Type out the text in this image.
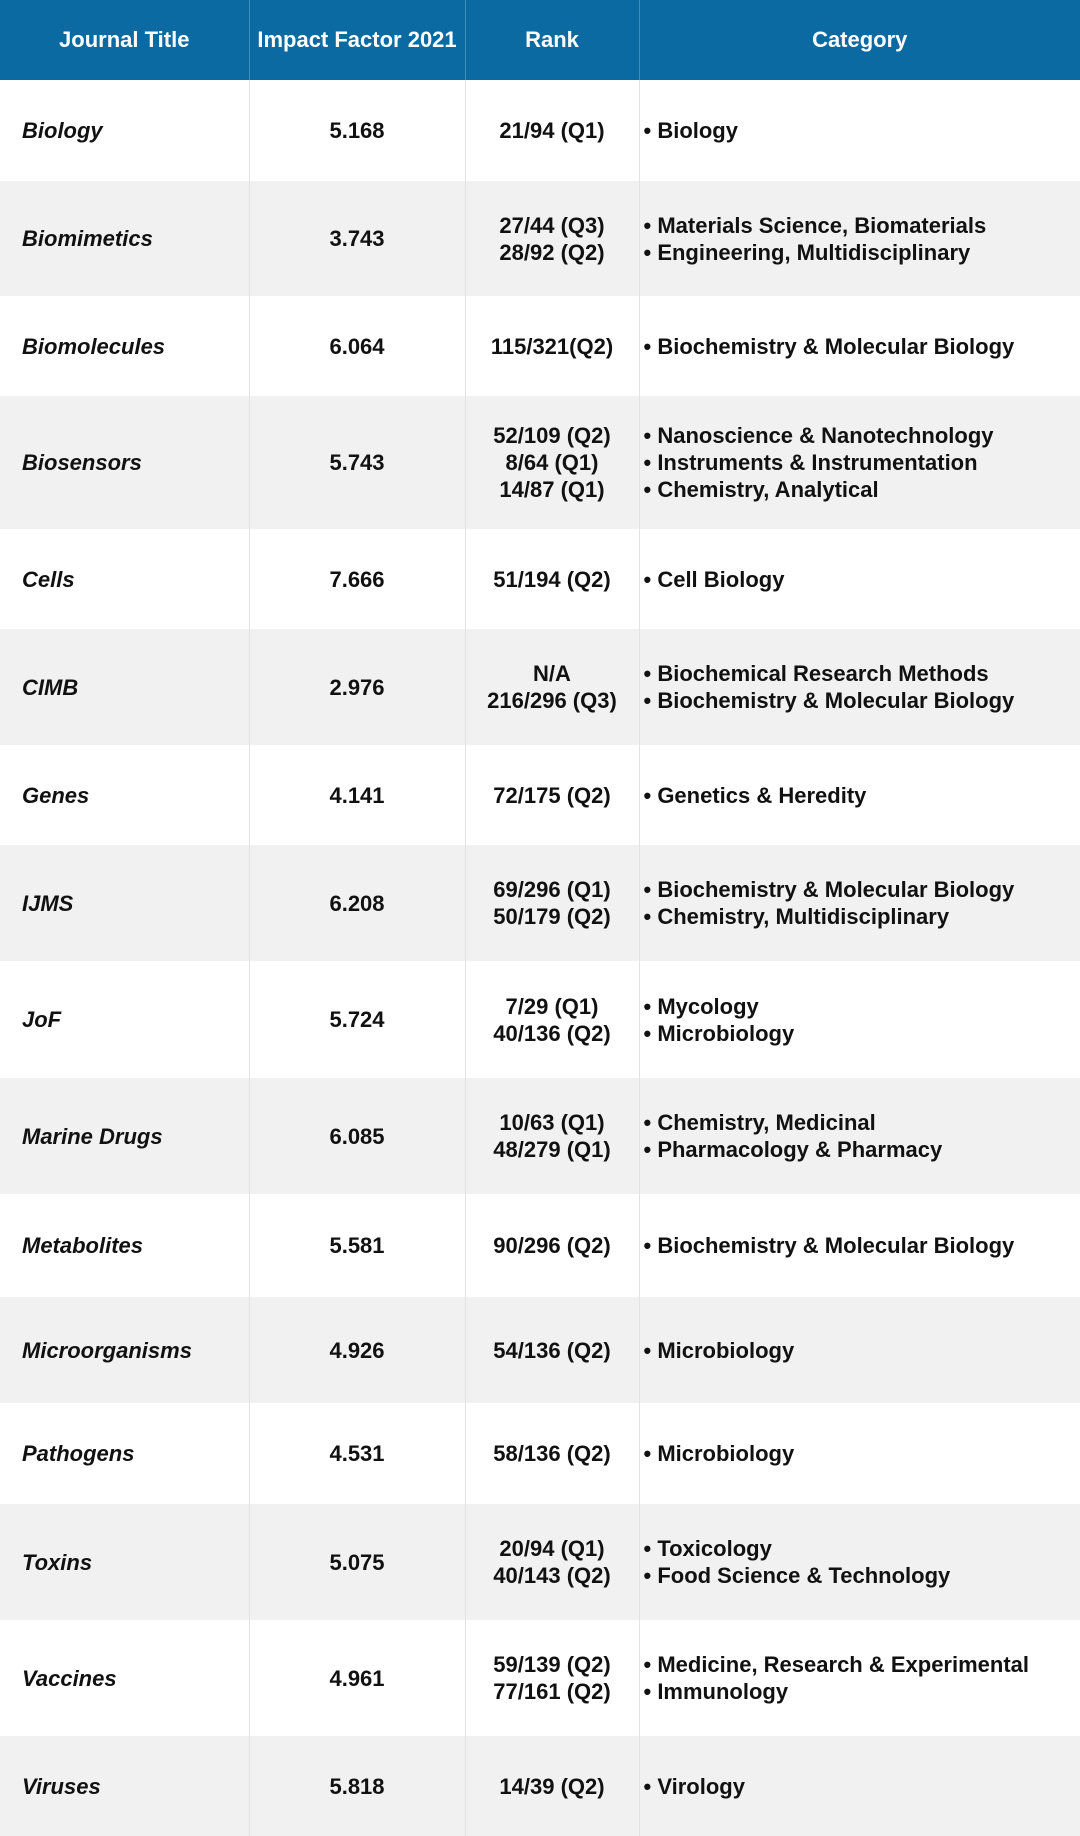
Journal Title	Impact Factor 2021	Rank	Category
Biology	5.168	21/94 (Q1)	• Biology

Biomimetics	3.743	27/44 (Q3)
28/92 (Q2)	• Materials Science, Biomaterials
• Engineering, Multidisciplinary

Biomolecules	6.064	115/321(Q2)	• Biochemistry & Molecular Biology

Biosensors	5.743	52/109 (Q2)
8/64 (Q1)
14/87 (Q1)	• Nanoscience & Nanotechnology
• Instruments & Instrumentation
• Chemistry, Analytical

Cells	7.666	51/194 (Q2)	• Cell Biology

CIMB	2.976	N/A
216/296 (Q3)	• Biochemical Research Methods
• Biochemistry & Molecular Biology

Genes	4.141	72/175 (Q2)	• Genetics & Heredity

IJMS	6.208	69/296 (Q1)
50/179 (Q2)	• Biochemistry & Molecular Biology
• Chemistry, Multidisciplinary

JoF	5.724	7/29 (Q1)
40/136 (Q2)	• Mycology
• Microbiology

Marine Drugs	6.085	10/63 (Q1)
48/279 (Q1)	• Chemistry, Medicinal
• Pharmacology & Pharmacy

Metabolites	5.581	90/296 (Q2)	• Biochemistry & Molecular Biology

Microorganisms	4.926	54/136 (Q2)	• Microbiology

Pathogens	4.531	58/136 (Q2)	• Microbiology

Toxins	5.075	20/94 (Q1)
40/143 (Q2)	• Toxicology
• Food Science & Technology

Vaccines	4.961	59/139 (Q2)
77/161 (Q2)	• Medicine, Research & Experimental
• Immunology

Viruses	5.818	14/39 (Q2)	• Virology
